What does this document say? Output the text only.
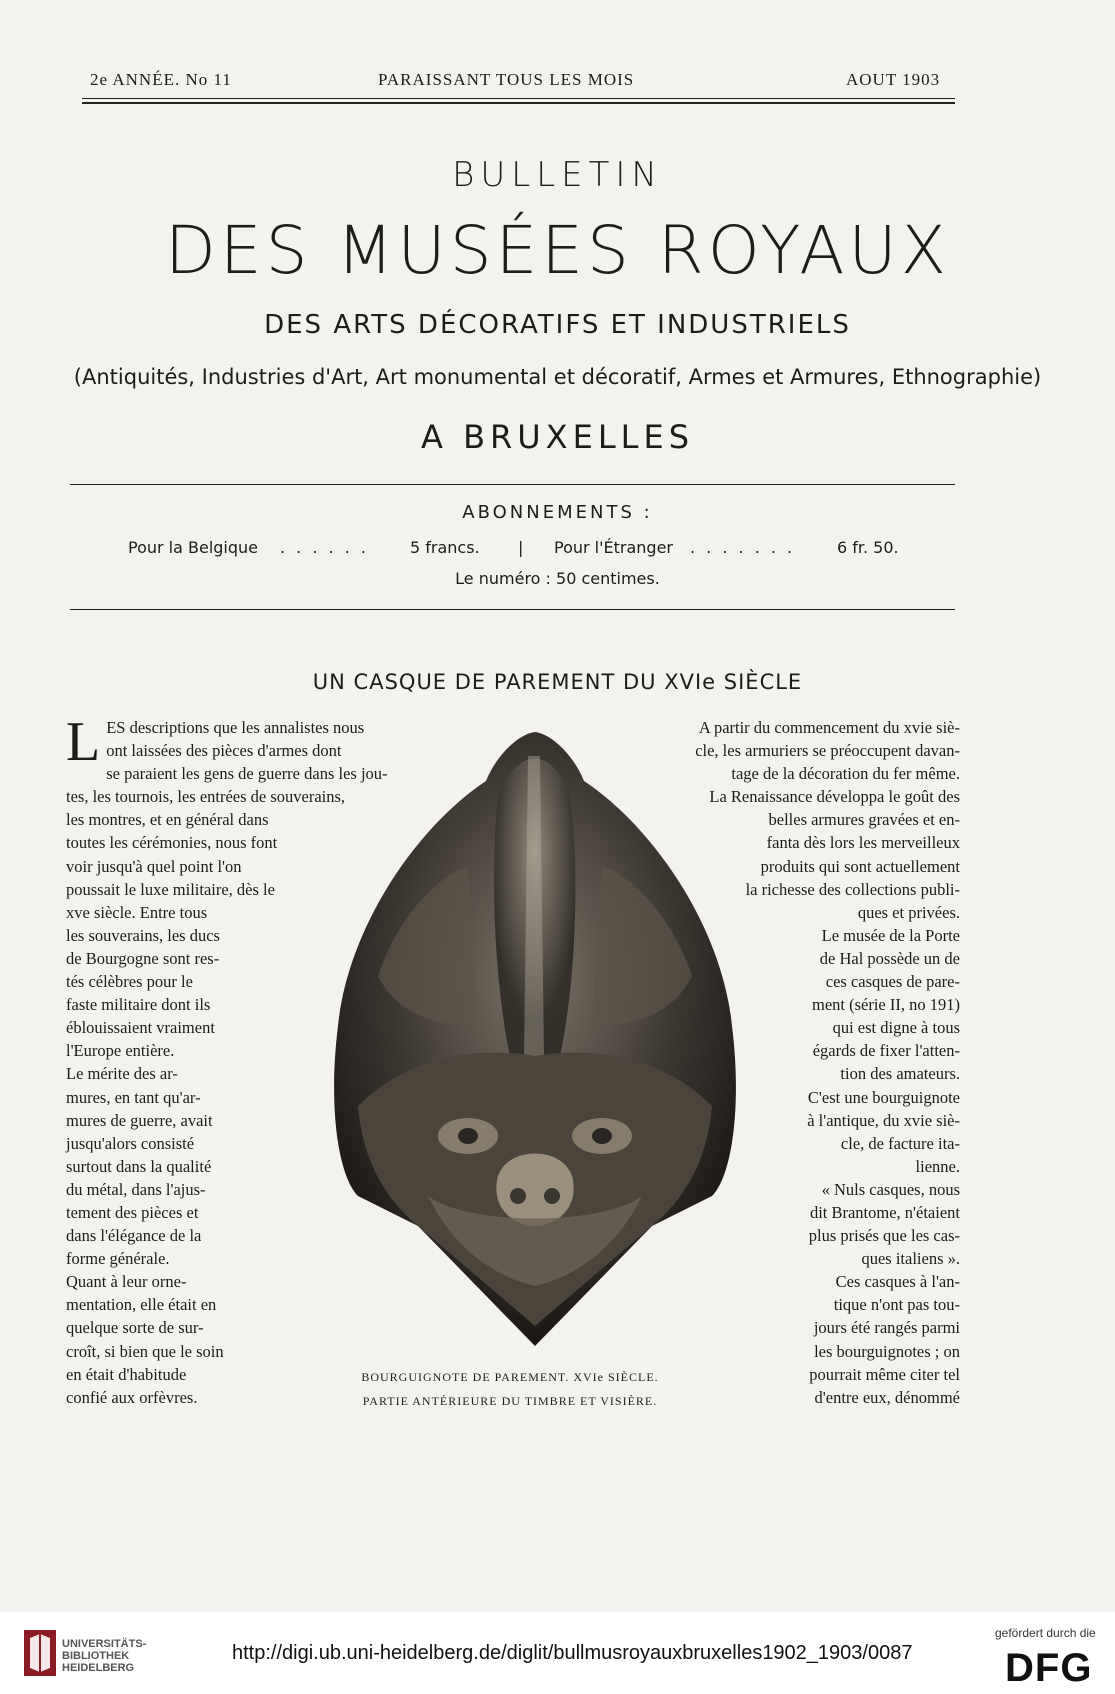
2e ANNÉE. No 11	PARAISSANT TOUS LES MOIS	AOUT 1903
BULLETIN
DES MUSÉES ROYAUX
DES ARTS DÉCORATIFS ET INDUSTRIELS
(Antiquités, Industries d'Art, Art monumental et décoratif, Armes et Armures, Ethnographie)
A BRUXELLES
ABONNEMENTS :
Pour la Belgique . . . . . .	5 francs. | Pour l'Étranger . . . . . . .	6 fr. 50.
Le numéro : 50 centimes.
UN CASQUE DE PAREMENT DU XVIe SIÈCLE
L ES descriptions que les annalistes nous

ont laissées des pièces d'armes dont

se paraient les gens de guerre dans les jou-

tes, les tournois, les entrées de souverains,

les montres, et en général dans

toutes les cérémonies, nous font

voir jusqu'à quel point l'on

poussait le luxe militaire, dès le

xve siècle. Entre tous

les souverains, les ducs

de Bourgogne sont res-

tés célèbres pour le

faste militaire dont ils

éblouissaient vraiment

l'Europe entière.

Le mérite des ar-

mures, en tant qu'ar-

mures de guerre, avait

jusqu'alors consisté

surtout dans la qualité

du métal, dans l'ajus-

tement des pièces et

dans l'élégance de la

forme générale.

Quant à leur orne-

mentation, elle était en

quelque sorte de sur-

croît, si bien que le soin

en était d'habitude

confié aux orfèvres.

A partir du commencement du xvie siè-

cle, les armuriers se préoccupent davan-

tage de la décoration du fer même.

La Renaissance développa le goût des

belles armures gravées et en-

fanta dès lors les merveilleux

produits qui sont actuellement

la richesse des collections publi-

ques et privées.

Le musée de la Porte

de Hal possède un de

ces casques de pare-

ment (série II, no 191)

qui est digne à tous

égards de fixer l'atten-

tion des amateurs.

C'est une bourguignote

à l'antique, du xvie siè-

cle, de facture ita-

lienne.

« Nuls casques, nous

dit Brantome, n'étaient

plus prisés que les cas-

ques italiens ».

Ces casques à l'an-

tique n'ont pas tou-

jours été rangés parmi

les bourguignotes ; on

pourrait même citer tel

d'entre eux, dénommé

BOURGUIGNOTE DE PAREMENT. XVIe SIÈCLE.
PARTIE ANTÉRIEURE DU TIMBRE ET VISIÈRE.
UNIVERSITÄTS-
BIBLIOTHEK
HEIDELBERG
http://digi.ub.uni-heidelberg.de/diglit/bullmusroyauxbruxelles1902_1903/0087
gefördert durch die
DFG
